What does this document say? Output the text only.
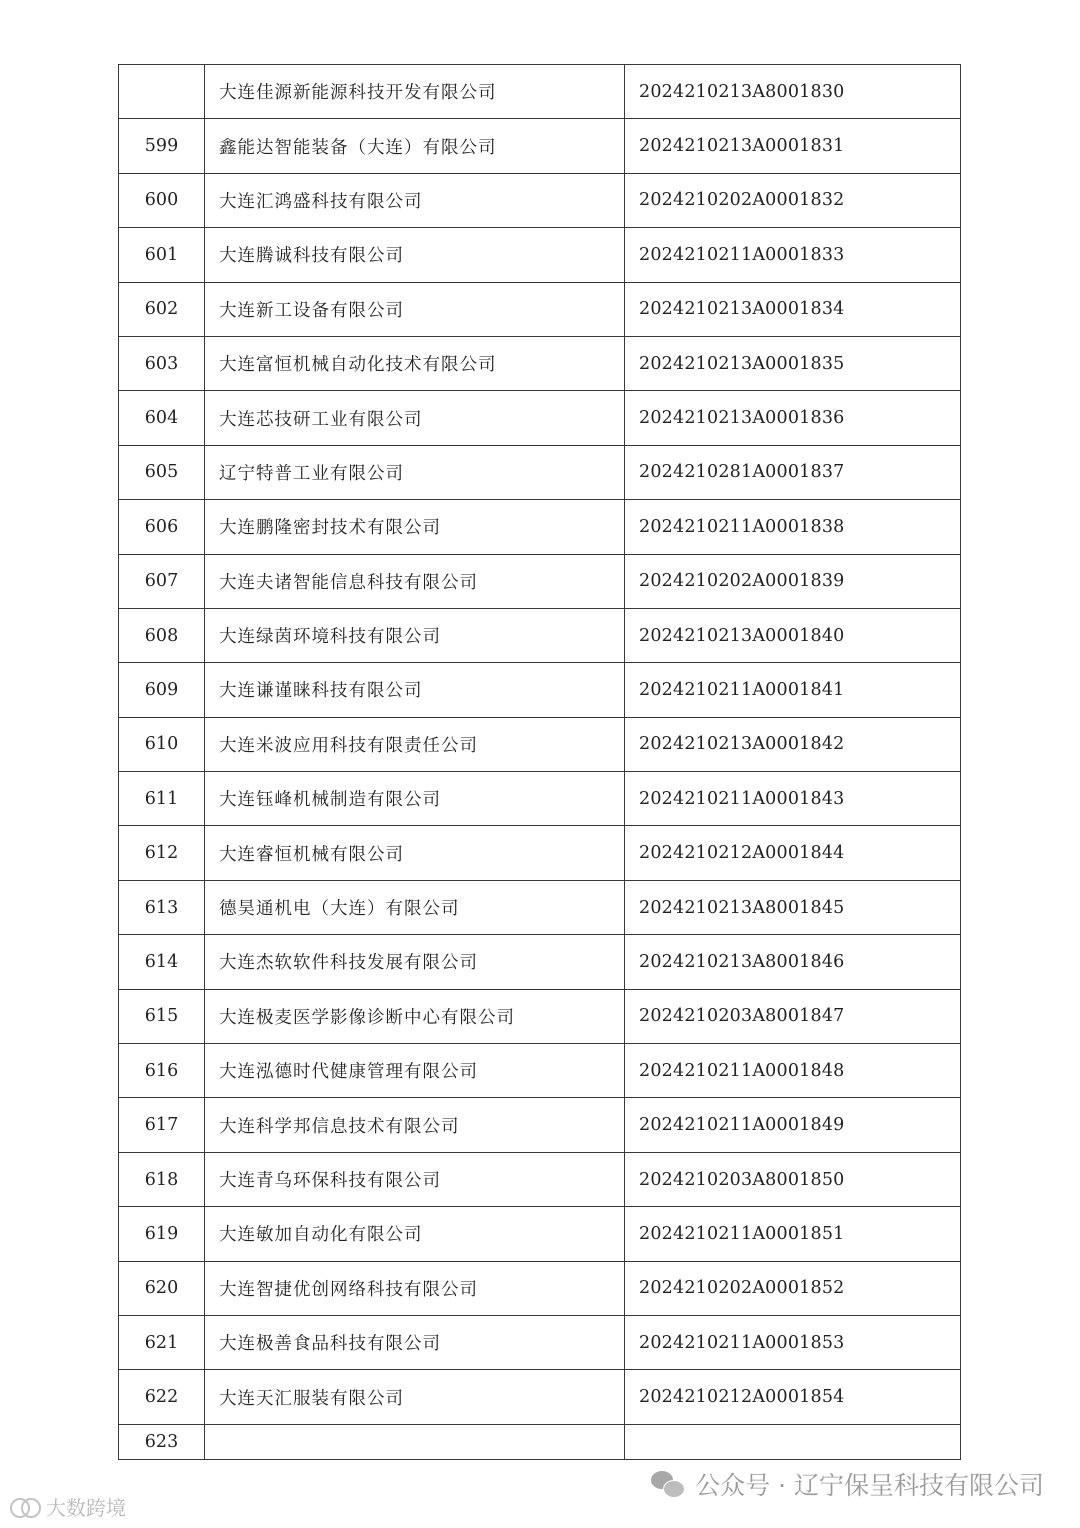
	大连佳源新能源科技开发有限公司	2024210213A8001830
599	鑫能达智能装备（大连）有限公司	2024210213A0001831
600	大连汇鸿盛科技有限公司	2024210202A0001832
601	大连腾诚科技有限公司	2024210211A0001833
602	大连新工设备有限公司	2024210213A0001834
603	大连富恒机械自动化技术有限公司	2024210213A0001835
604	大连芯技研工业有限公司	2024210213A0001836
605	辽宁特普工业有限公司	2024210281A0001837
606	大连鹏隆密封技术有限公司	2024210211A0001838
607	大连夫诸智能信息科技有限公司	2024210202A0001839
608	大连绿茵环境科技有限公司	2024210213A0001840
609	大连谦谨睐科技有限公司	2024210211A0001841
610	大连米波应用科技有限责任公司	2024210213A0001842
611	大连钰峰机械制造有限公司	2024210211A0001843
612	大连睿恒机械有限公司	2024210212A0001844
613	德昊通机电（大连）有限公司	2024210213A8001845
614	大连杰软软件科技发展有限公司	2024210213A8001846
615	大连极麦医学影像诊断中心有限公司	2024210203A8001847
616	大连泓德时代健康管理有限公司	2024210211A0001848
617	大连科学邦信息技术有限公司	2024210211A0001849
618	大连青乌环保科技有限公司	2024210203A8001850
619	大连敏加自动化有限公司	2024210211A0001851
620	大连智捷优创网络科技有限公司	2024210202A0001852
621	大连极善食品科技有限公司	2024210211A0001853
622	大连天汇服装有限公司	2024210212A0001854
623		
公众号 · 辽宁保呈科技有限公司
大数跨境
